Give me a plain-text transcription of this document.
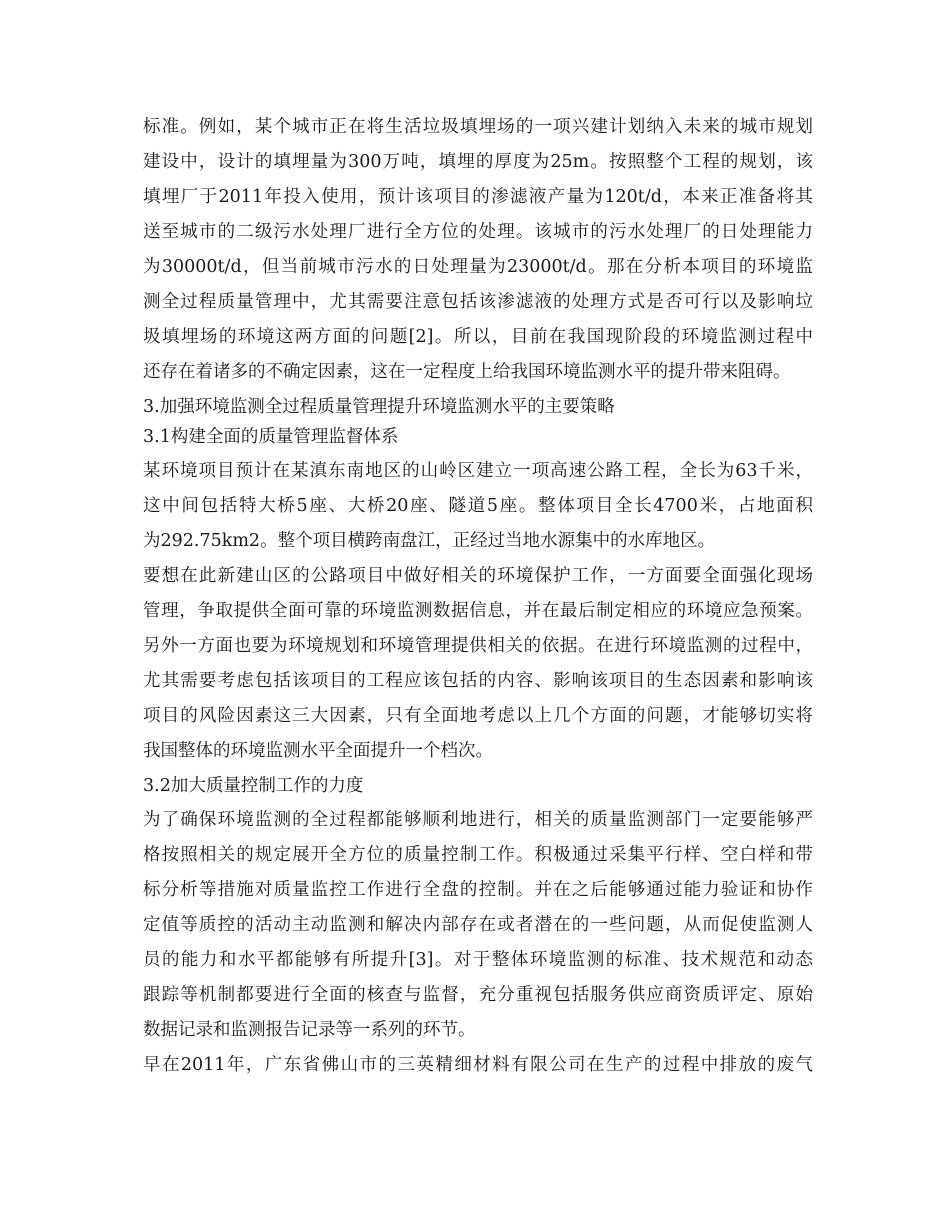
标准。例如，某个城市正在将生活垃圾填埋场的一项兴建计划纳入未来的城市规划
建设中，设计的填埋量为300万吨，填埋的厚度为25m。按照整个工程的规划，该
填埋厂于2011年投入使用，预计该项目的渗滤液产量为120t/d，本来正准备将其
送至城市的二级污水处理厂进行全方位的处理。该城市的污水处理厂的日处理能力
为30000t/d，但当前城市污水的日处理量为23000t/d。那在分析本项目的环境监
测全过程质量管理中，尤其需要注意包括该渗滤液的处理方式是否可行以及影响垃
圾填埋场的环境这两方面的问题[2]。所以，目前在我国现阶段的环境监测过程中
还存在着诸多的不确定因素，这在一定程度上给我国环境监测水平的提升带来阻碍。
3.加强环境监测全过程质量管理提升环境监测水平的主要策略
3.1构建全面的质量管理监督体系
某环境项目预计在某滇东南地区的山岭区建立一项高速公路工程，全长为63千米，
这中间包括特大桥5座、大桥20座、隧道5座。整体项目全长4700米，占地面积
为292.75km2。整个项目横跨南盘江，正经过当地水源集中的水库地区。
要想在此新建山区的公路项目中做好相关的环境保护工作，一方面要全面强化现场
管理，争取提供全面可靠的环境监测数据信息，并在最后制定相应的环境应急预案。
另外一方面也要为环境规划和环境管理提供相关的依据。在进行环境监测的过程中，
尤其需要考虑包括该项目的工程应该包括的内容、影响该项目的生态因素和影响该
项目的风险因素这三大因素，只有全面地考虑以上几个方面的问题，才能够切实将
我国整体的环境监测水平全面提升一个档次。
3.2加大质量控制工作的力度
为了确保环境监测的全过程都能够顺利地进行，相关的质量监测部门一定要能够严
格按照相关的规定展开全方位的质量控制工作。积极通过采集平行样、空白样和带
标分析等措施对质量监控工作进行全盘的控制。并在之后能够通过能力验证和协作
定值等质控的活动主动监测和解决内部存在或者潜在的一些问题，从而促使监测人
员的能力和水平都能够有所提升[3]。对于整体环境监测的标准、技术规范和动态
跟踪等机制都要进行全面的核查与监督，充分重视包括服务供应商资质评定、原始
数据记录和监测报告记录等一系列的环节。
早在2011年，广东省佛山市的三英精细材料有限公司在生产的过程中排放的废气
